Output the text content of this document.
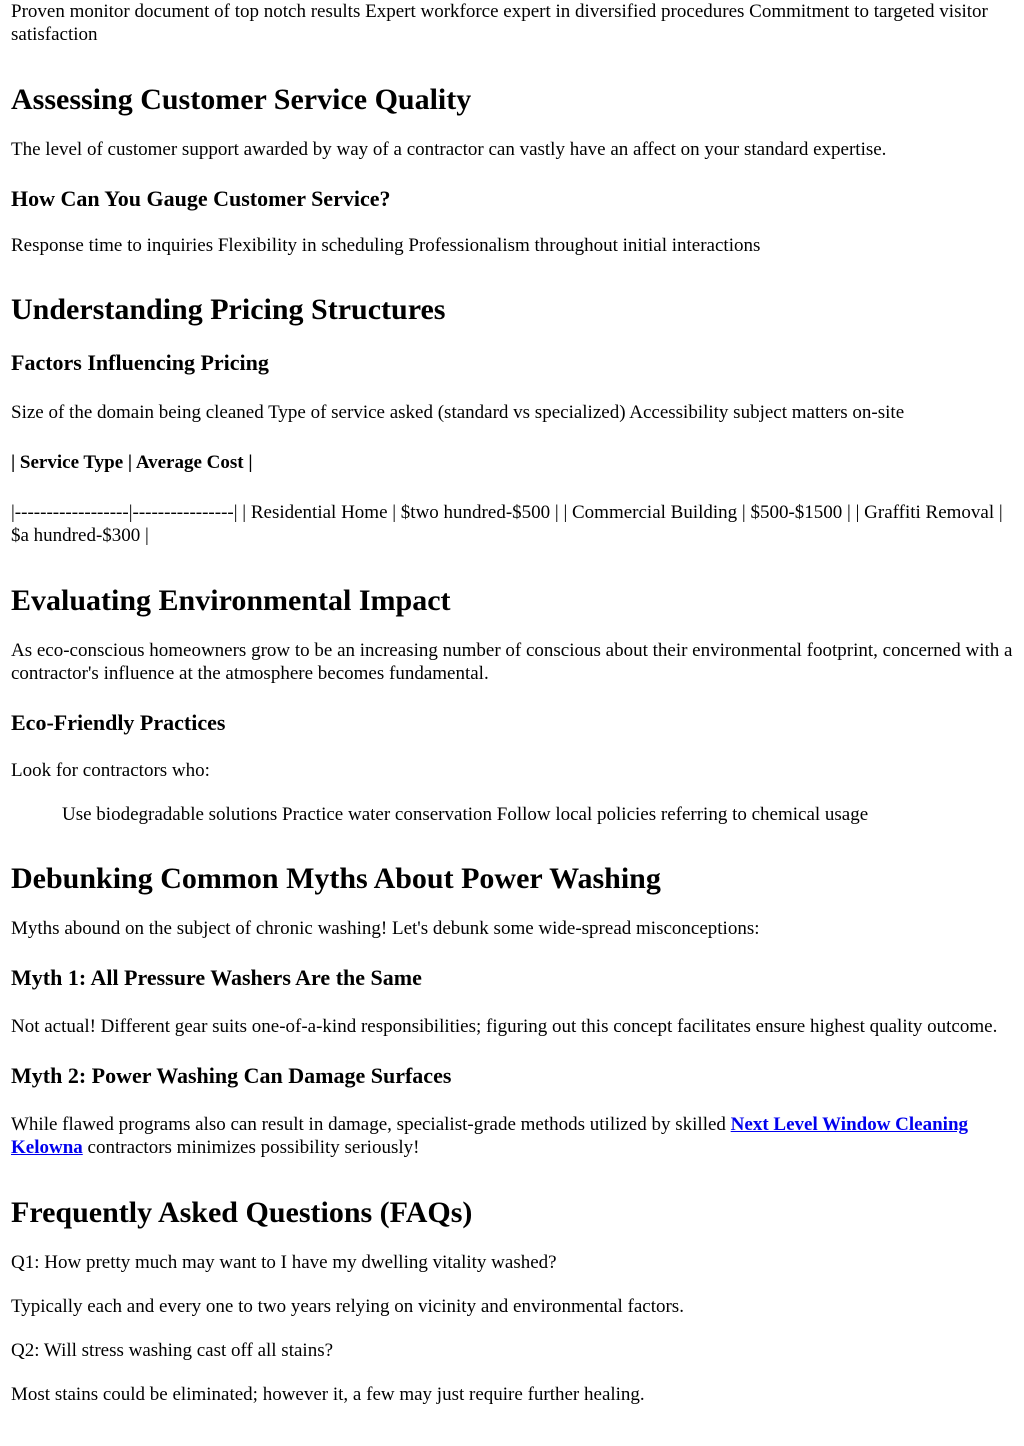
Proven monitor document of top notch results Expert workforce expert in diversified procedures Commitment to targeted visitor satisfaction

Assessing Customer Service Quality

The level of customer support awarded by way of a contractor can vastly have an affect on your standard expertise.

How Can You Gauge Customer Service?

Response time to inquiries Flexibility in scheduling Professionalism throughout initial interactions

Understanding Pricing Structures
Factors Influencing Pricing

Size of the domain being cleaned Type of service asked (standard vs specialized) Accessibility subject matters on-site

| Service Type | Average Cost |

|------------------|----------------| | Residential Home | $two hundred-$500 | | Commercial Building | $500-$1500 | | Graffiti Removal | $a hundred-$300 |

Evaluating Environmental Impact

As eco-conscious homeowners grow to be an increasing number of conscious about their environmental footprint, concerned with a contractor's influence at the atmosphere becomes fundamental.

Eco-Friendly Practices

Look for contractors who:

Use biodegradable solutions Practice water conservation Follow local policies referring to chemical usage
Debunking Common Myths About Power Washing

Myths abound on the subject of chronic washing! Let's debunk some wide-spread misconceptions:

Myth 1: All Pressure Washers Are the Same

Not actual! Different gear suits one-of-a-kind responsibilities; figuring out this concept facilitates ensure highest quality outcome.

Myth 2: Power Washing Can Damage Surfaces

While flawed programs also can result in damage, specialist-grade methods utilized by skilled Next Level Window Cleaning Kelowna contractors minimizes possibility seriously!

Frequently Asked Questions (FAQs)

Q1: How pretty much may want to I have my dwelling vitality washed?

Typically each and every one to two years relying on vicinity and environmental factors.

Q2: Will stress washing cast off all stains?

Most stains could be eliminated; however it, a few may just require further healing.
